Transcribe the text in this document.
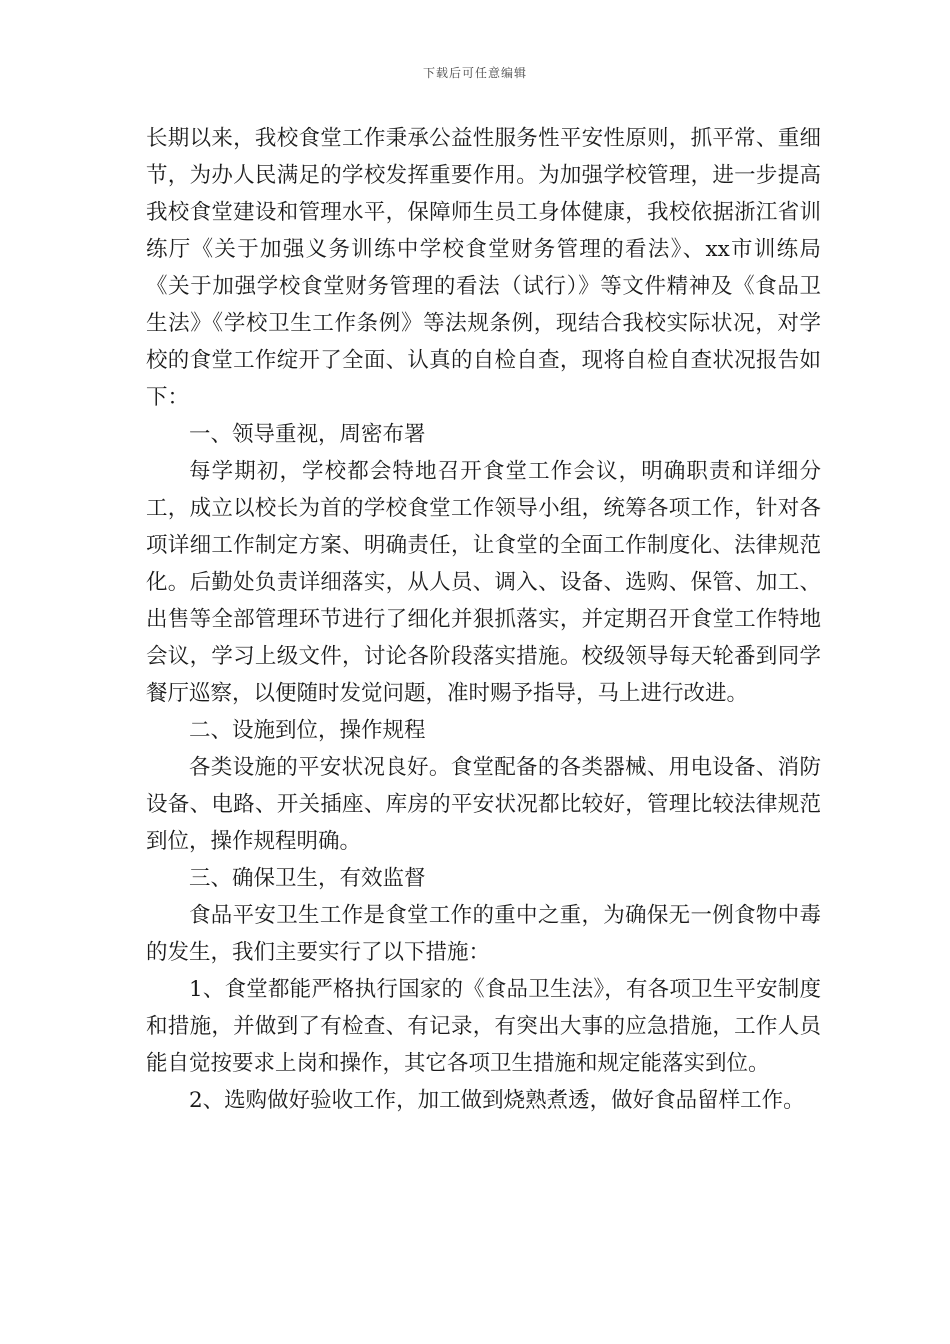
下载后可任意编辑

长期以来，我校食堂工作秉承公益性服务性平安性原则，抓平常、重细节，为办人民满足的学校发挥重要作用。为加强学校管理，进一步提高我校食堂建设和管理水平，保障师生员工身体健康，我校依据浙江省训练厅《关于加强义务训练中学校食堂财务管理的看法》、xx市训练局《关于加强学校食堂财务管理的看法（试行）》等文件精神及《食品卫生法》《学校卫生工作条例》等法规条例，现结合我校实际状况，对学校的食堂工作绽开了全面、认真的自检自查，现将自检自查状况报告如下：

一、领导重视，周密布署

每学期初，学校都会特地召开食堂工作会议，明确职责和详细分工，成立以校长为首的学校食堂工作领导小组，统筹各项工作，针对各项详细工作制定方案、明确责任，让食堂的全面工作制度化、法律规范化。后勤处负责详细落实，从人员、调入、设备、选购、保管、加工、出售等全部管理环节进行了细化并狠抓落实，并定期召开食堂工作特地会议，学习上级文件，讨论各阶段落实措施。校级领导每天轮番到同学餐厅巡察，以便随时发觉问题，准时赐予指导，马上进行改进。

二、设施到位，操作规程

各类设施的平安状况良好。食堂配备的各类器械、用电设备、消防设备、电路、开关插座、库房的平安状况都比较好，管理比较法律规范到位，操作规程明确。

三、确保卫生，有效监督

食品平安卫生工作是食堂工作的重中之重，为确保无一例食物中毒的发生，我们主要实行了以下措施：

1、食堂都能严格执行国家的《食品卫生法》，有各项卫生平安制度和措施，并做到了有检查、有记录，有突出大事的应急措施，工作人员能自觉按要求上岗和操作，其它各项卫生措施和规定能落实到位。

2、选购做好验收工作，加工做到烧熟煮透，做好食品留样工作。
